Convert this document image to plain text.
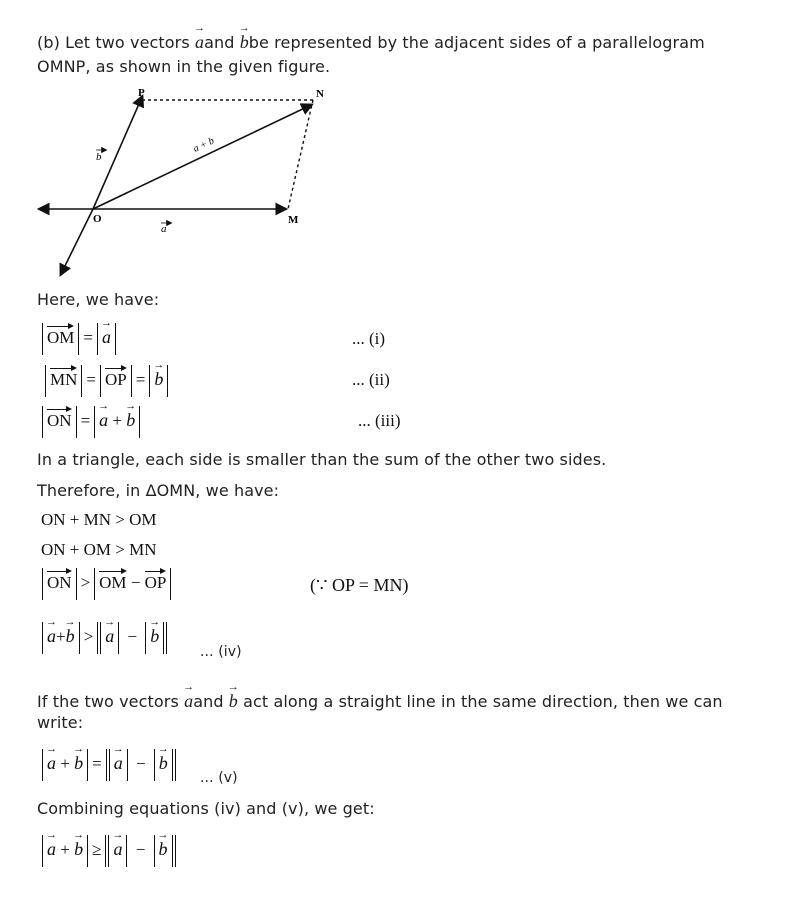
(b) Let two vectors
→
aand
→
bbe represented by the adjacent sides of a parallelogram
OMNP, as shown in the given figure.
P	N
O	M
b
a
a + b
Here, we have:
OM =
→
a	... (i)
MN = OP =
→
b	... (ii)
ON =
→
a +
→
b	... (iii)
In a triangle, each side is smaller than the sum of the other two sides.
Therefore, in ΔOMN, we have:
ON + MN > OM
ON + OM > MN
ON > OM −
OP	(∵ OP = MN)
→
a+
→
b >
→
a −
→
b
... (iv)
If the two vectors
→
aand
→
b act along a straight line in the same direction, then we can
write:
→
a +
→
b =
→
a −
→
b
... (v)
Combining equations (iv) and (v), we get:
→
a +
→
b ≥
→
a −
→
b
